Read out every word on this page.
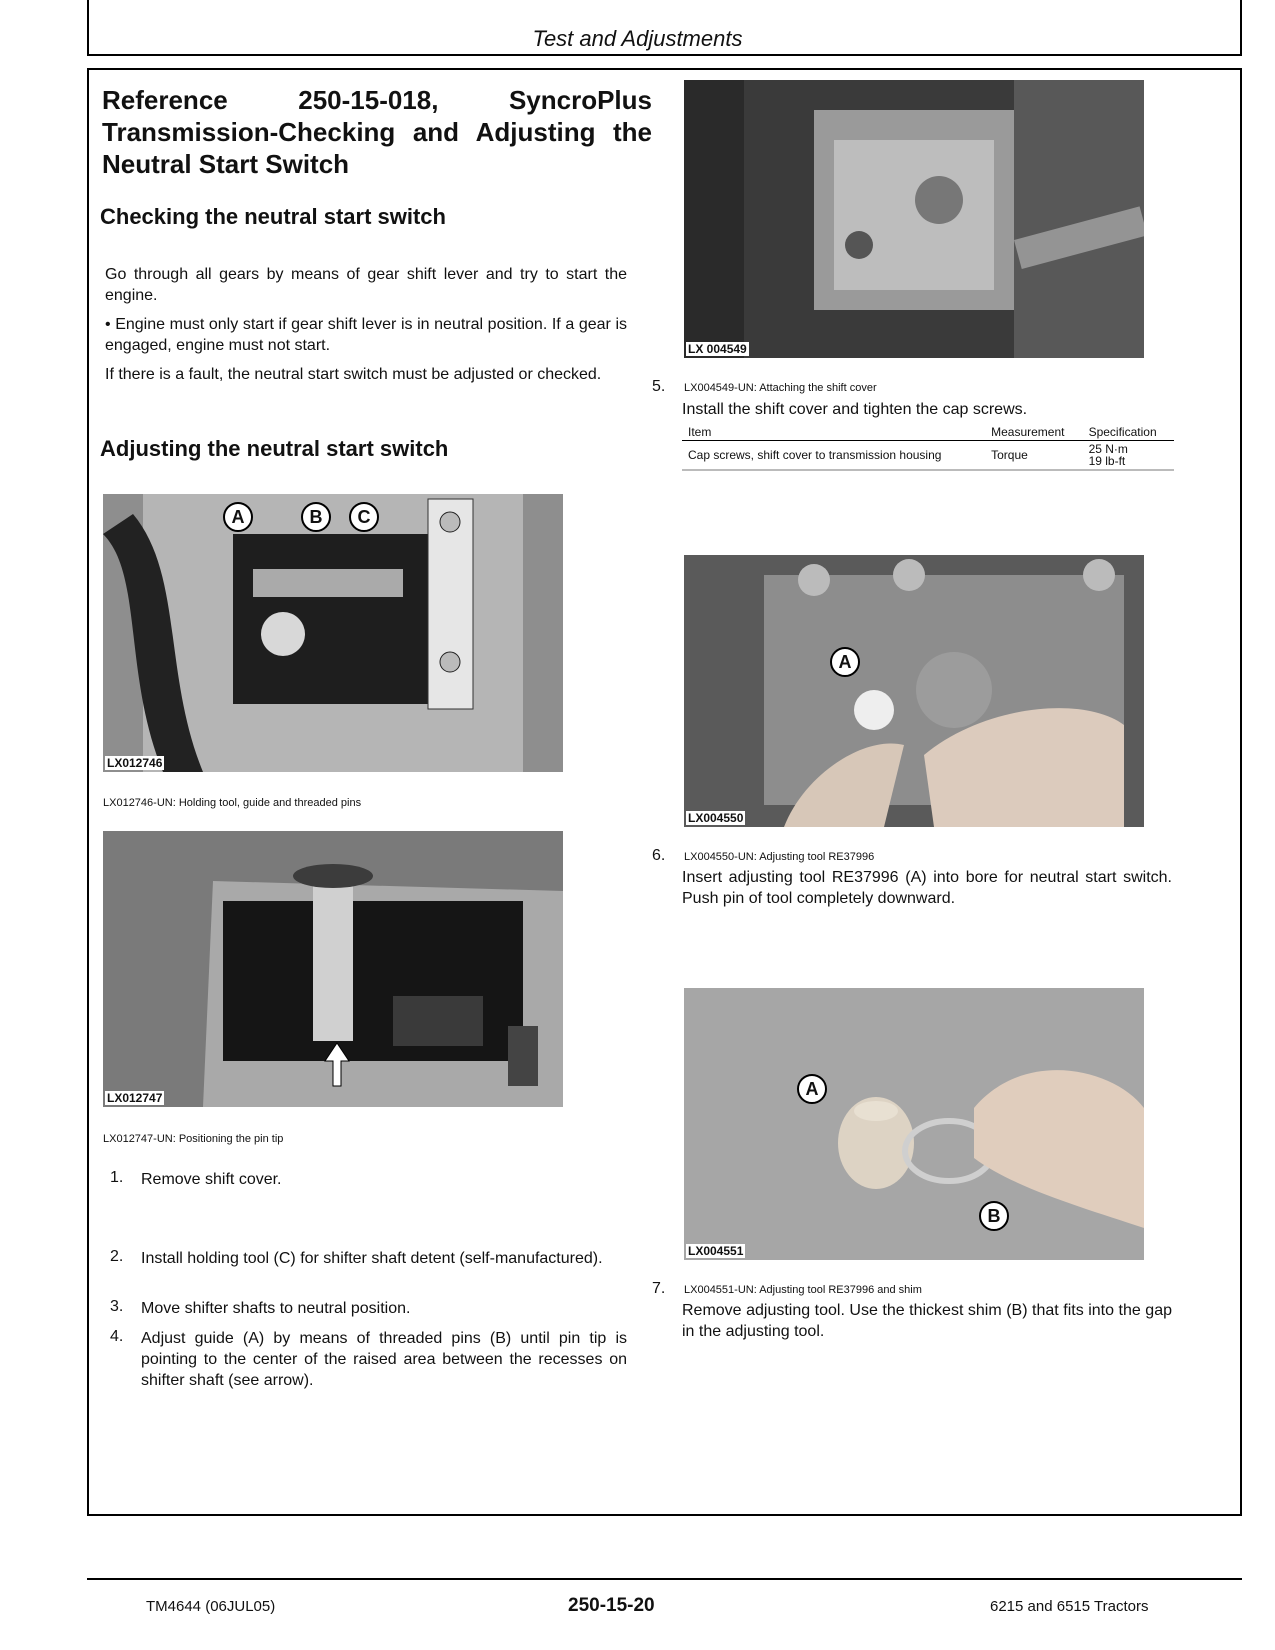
Test and Adjustments
Reference 250-15-018, SyncroPlus Transmission-Checking and Adjusting the Neutral Start Switch
Checking the neutral start switch
Go through all gears by means of gear shift lever and try to start the engine.
• Engine must only start if gear shift lever is in neutral position. If a gear is engaged, engine must not start.
If there is a fault, the neutral start switch must be adjusted or checked.
Adjusting the neutral start switch
LX012746
A	B	C
LX012746-UN: Holding tool, guide and threaded pins
LX012747
LX012747-UN: Positioning the pin tip
1. Remove shift cover.
2. Install holding tool (C) for shifter shaft detent (self-manufactured).
3. Move shifter shafts to neutral position.
4. Adjust guide (A) by means of threaded pins (B) until pin tip is pointing to the center of the raised area between the recesses on shifter shaft (see arrow).
LX 004549
5. LX004549-UN: Attaching the shift cover
Install the shift cover and tighten the cap screws.
Item	Measurement	Specification
Cap screws, shift cover to transmission housing	Torque	25 N·m
19 lb-ft
LX004550
A
6. LX004550-UN: Adjusting tool RE37996
Insert adjusting tool RE37996 (A) into bore for neutral start switch. Push pin of tool completely downward.
LX004551
A
B
7. LX004551-UN: Adjusting tool RE37996 and shim
Remove adjusting tool. Use the thickest shim (B) that fits into the gap in the adjusting tool.
TM4644 (06JUL05)	250-15-20	6215 and 6515 Tractors
